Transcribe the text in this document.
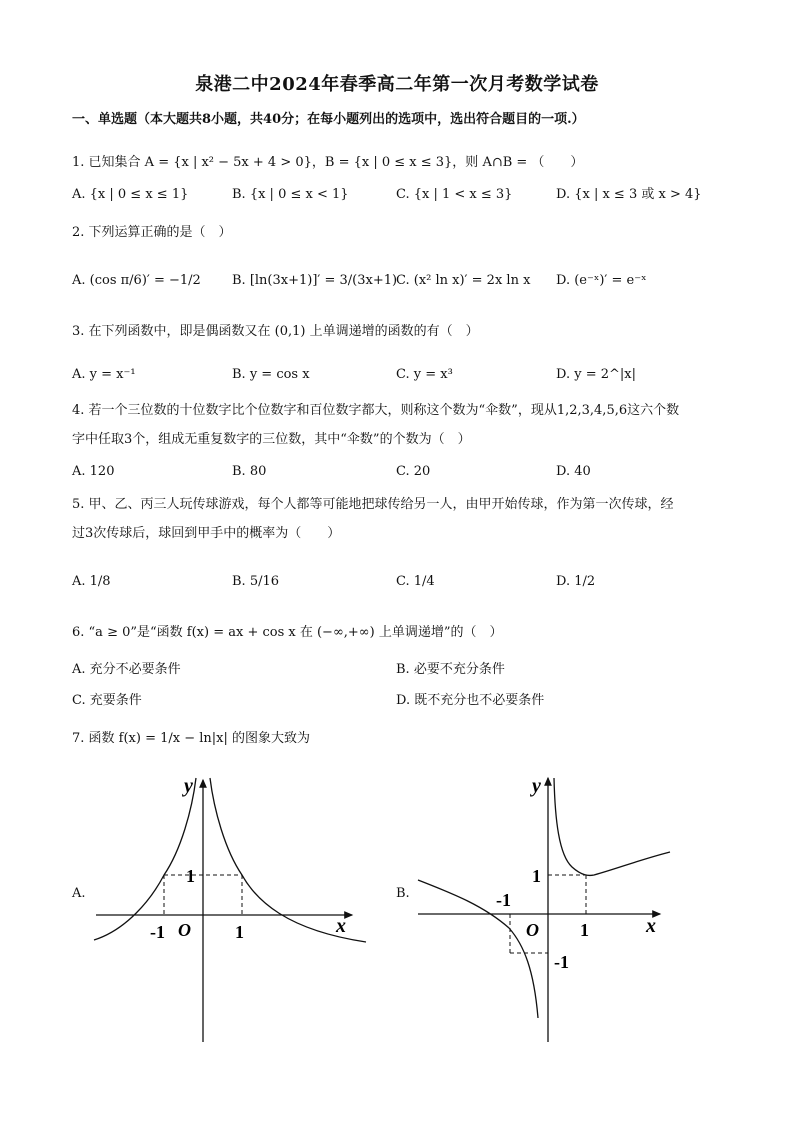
泉港二中2024年春季高二年第一次月考数学试卷
一、单选题（本大题共8小题，共40分；在每小题列出的选项中，选出符合题目的一项.）
1. 已知集合 A = {x | x² − 5x + 4 > 0}，B = {x | 0 ≤ x ≤ 3}，则 A∩B = （　　）
A. {x | 0 ≤ x ≤ 1}	B. {x | 0 ≤ x < 1}	C. {x | 1 < x ≤ 3}	D. {x | x ≤ 3 或 x > 4}
2. 下列运算正确的是（　）
A. (cos π/6)′ = −1/2 B. [ln(3x+1)]′ = 3/(3x+1)
C. (x² ln x)′ = 2x ln x D. (e⁻ˣ)′ = e⁻ˣ
3. 在下列函数中，即是偶函数又在 (0,1) 上单调递增的函数的有（　）
A. y = x⁻¹	B. y = cos x	C. y = x³	D. y = 2^|x|
4. 若一个三位数的十位数字比个位数字和百位数字都大，则称这个数为“伞数”，现从1,2,3,4,5,6这六个数
字中任取3个，组成无重复数字的三位数，其中“伞数”的个数为（　）
A. 120	B. 80	C. 20	D. 40
5. 甲、乙、丙三人玩传球游戏，每个人都等可能地把球传给另一人，由甲开始传球，作为第一次传球，经
过3次传球后，球回到甲手中的概率为（　　）
A. 1/8	B. 5/16	C. 1/4	D. 1/2
6. “a ≥ 0”是“函数 f(x) = ax + cos x 在 (−∞,+∞) 上单调递增”的（　）
A. 充分不必要条件	B. 必要不充分条件
C. 充要条件	D. 既不充分也不必要条件
7. 函数 f(x) = 1/x − ln|x| 的图象大致为
A.	B.
y
x
O
1
-1	1
y
x
O
1
-1
1
-1
